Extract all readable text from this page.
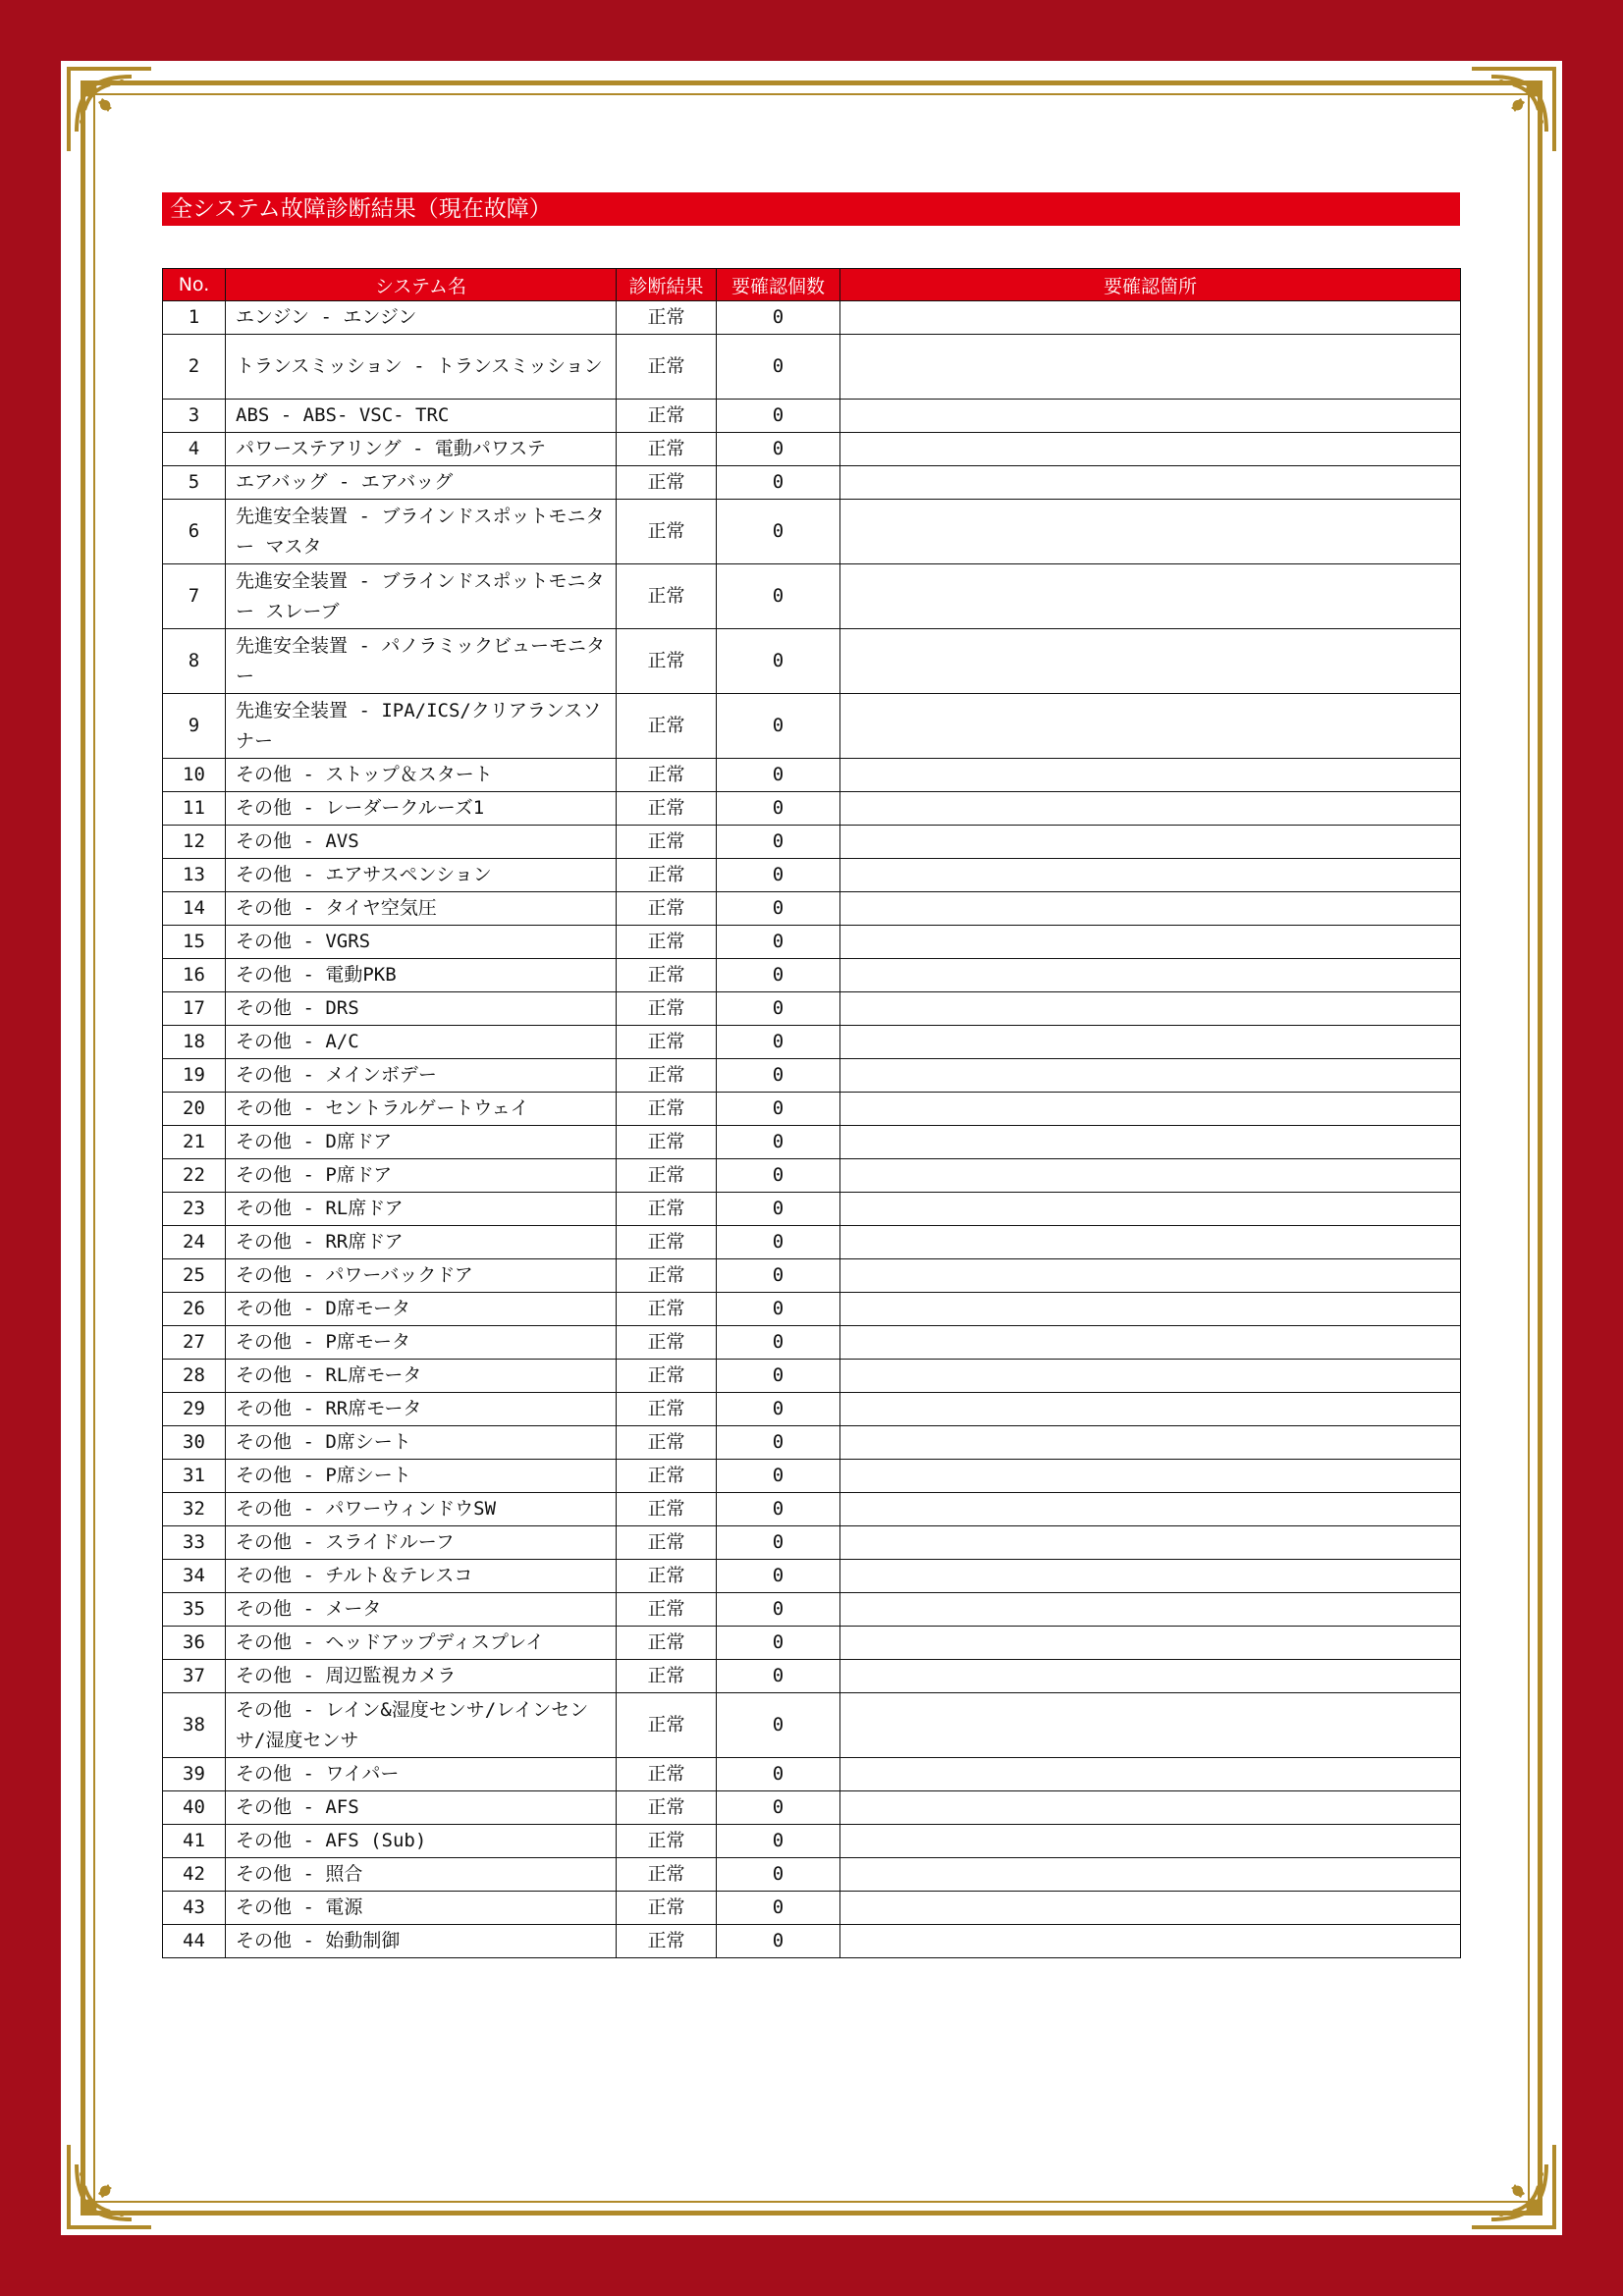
全システム故障診断結果（現在故障）
No.	システム名	診断結果	要確認個数	要確認箇所
1	エンジン - エンジン	正常	0	
2	トランスミッション - トランスミッション	正常	0	
3	ABS - ABS- VSC- TRC	正常	0	
4	パワーステアリング - 電動パワステ	正常	0	
5	エアバッグ - エアバッグ	正常	0	
6	先進安全装置 - ブラインドスポットモニター マスタ	正常	0	
7	先進安全装置 - ブラインドスポットモニター スレーブ	正常	0	
8	先進安全装置 - パノラミックビューモニター	正常	0	
9	先進安全装置 - IPA/ICS/クリアランスソナー	正常	0	
10	その他 - ストップ＆スタート	正常	0	
11	その他 - レーダークルーズ1	正常	0	
12	その他 - AVS	正常	0	
13	その他 - エアサスペンション	正常	0	
14	その他 - タイヤ空気圧	正常	0	
15	その他 - VGRS	正常	0	
16	その他 - 電動PKB	正常	0	
17	その他 - DRS	正常	0	
18	その他 - A/C	正常	0	
19	その他 - メインボデー	正常	0	
20	その他 - セントラルゲートウェイ	正常	0	
21	その他 - D席ドア	正常	0	
22	その他 - P席ドア	正常	0	
23	その他 - RL席ドア	正常	0	
24	その他 - RR席ドア	正常	0	
25	その他 - パワーバックドア	正常	0	
26	その他 - D席モータ	正常	0	
27	その他 - P席モータ	正常	0	
28	その他 - RL席モータ	正常	0	
29	その他 - RR席モータ	正常	0	
30	その他 - D席シート	正常	0	
31	その他 - P席シート	正常	0	
32	その他 - パワーウィンドウSW	正常	0	
33	その他 - スライドルーフ	正常	0	
34	その他 - チルト＆テレスコ	正常	0	
35	その他 - メータ	正常	0	
36	その他 - ヘッドアップディスプレイ	正常	0	
37	その他 - 周辺監視カメラ	正常	0	
38	その他 - レイン&湿度センサ/レインセンサ/湿度センサ	正常	0	
39	その他 - ワイパー	正常	0	
40	その他 - AFS	正常	0	
41	その他 - AFS (Sub)	正常	0	
42	その他 - 照合	正常	0	
43	その他 - 電源	正常	0	
44	その他 - 始動制御	正常	0	
